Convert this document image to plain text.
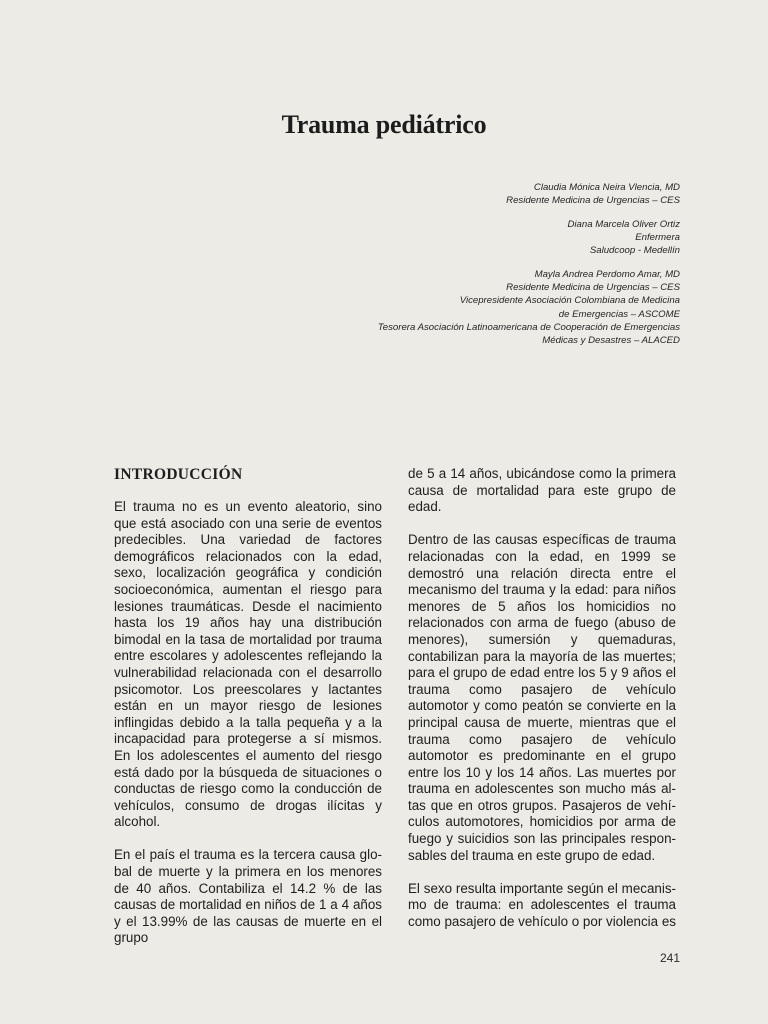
Trauma pediátrico
Claudia Mónica Neira Vlencia, MD
Residente Medicina de Urgencias – CES
Diana Marcela Oliver Ortiz
Enfermera
Saludcoop - Medellín
Mayla Andrea Perdomo Amar, MD
Residente Medicina de Urgencias – CES
Vicepresidente Asociación Colombiana de Medicina
de Emergencias – ASCOME
Tesorera Asociación Latinoamericana de Cooperación de Emergencias
Médicas y Desastres – ALACED
INTRODUCCIÓN

El trauma no es un evento aleatorio, sino que está asociado con una serie de eventos predecibles. Una variedad de factores demográficos relacionados con la edad, sexo, localización geográfica y condición socioeconómica, aumentan el riesgo para lesiones traumáticas. Desde el nacimiento hasta los 19 años hay una distribución bimodal en la tasa de mortalidad por trauma entre escolares y adolescentes reflejando la vulnerabilidad relacionada con el desarrollo psicomotor. Los preescolares y lactantes están en un mayor riesgo de lesiones inflingidas debido a la talla pequeña y a la incapacidad para protegerse a sí mismos. En los adolescentes el aumento del riesgo está dado por la búsqueda de situaciones o conductas de riesgo como la conducción de vehículos, consumo de drogas ilícitas y alcohol.

En el país el trauma es la tercera causa global de muerte y la primera en los menores de 40 años. Contabiliza el 14.2 % de las causas de mortalidad en niños de 1 a 4 años y el 13.99% de las causas de muerte en el grupo

de 5 a 14 años, ubicándose como la primera causa de mortalidad para este grupo de edad.

Dentro de las causas específicas de trauma relacionadas con la edad, en 1999 se demostró una relación directa entre el mecanismo del trauma y la edad: para niños menores de 5 años los homicidios no relacionados con arma de fuego (abuso de menores), sumersión y quemaduras, contabilizan para la mayoría de las muertes; para el grupo de edad entre los 5 y 9 años el trauma como pasajero de vehículo automotor y como peatón se convierte en la principal causa de muerte, mientras que el trauma como pasajero de vehículo automotor es predominante en el grupo entre los 10 y los 14 años. Las muertes por trauma en adolescentes son mucho más altas que en otros grupos. Pasajeros de vehículos automotores, homicidios por arma de fuego y suicidios son las principales responsables del trauma en este grupo de edad.

El sexo resulta importante según el mecanismo de trauma: en adolescentes el trauma como pasajero de vehículo o por violencia es

241
